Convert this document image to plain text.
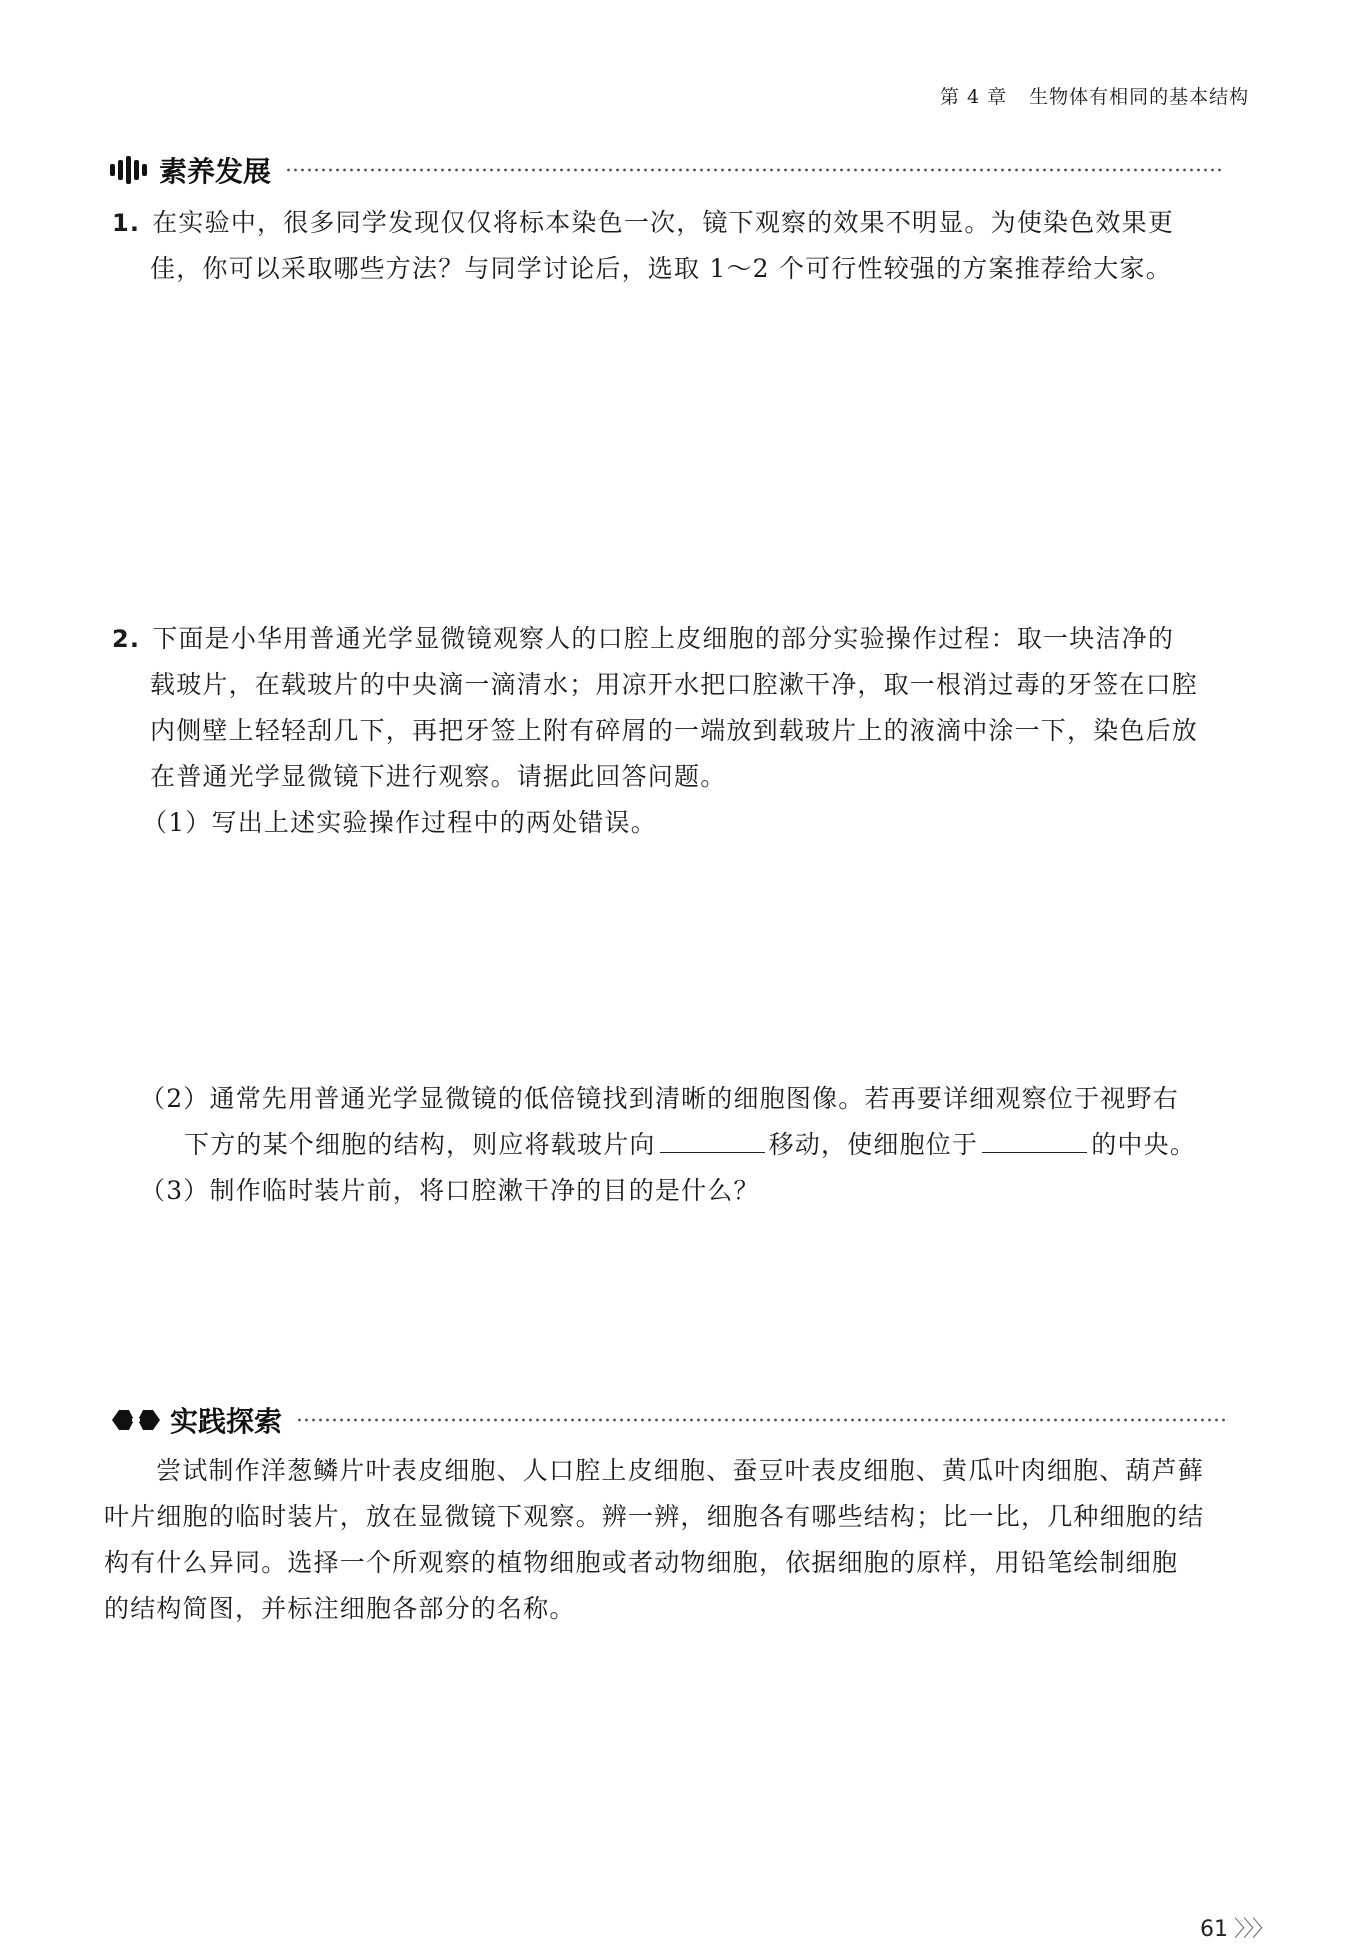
第 4 章 生物体有相同的基本结构
素养发展
1. 在实验中，很多同学发现仅仅将标本染色一次，镜下观察的效果不明显。为使染色效果更
佳，你可以采取哪些方法？与同学讨论后，选取 1～2 个可行性较强的方案推荐给大家。
2. 下面是小华用普通光学显微镜观察人的口腔上皮细胞的部分实验操作过程：取一块洁净的
载玻片，在载玻片的中央滴一滴清水；用凉开水把口腔漱干净，取一根消过毒的牙签在口腔
内侧壁上轻轻刮几下，再把牙签上附有碎屑的一端放到载玻片上的液滴中涂一下，染色后放
在普通光学显微镜下进行观察。请据此回答问题。
（1）写出上述实验操作过程中的两处错误。
（2）通常先用普通光学显微镜的低倍镜找到清晰的细胞图像。若再要详细观察位于视野右
下方的某个细胞的结构，则应将载玻片向	移动，使细胞位于	的中央。
（3）制作临时装片前，将口腔漱干净的目的是什么？
实践探索
尝试制作洋葱鳞片叶表皮细胞、人口腔上皮细胞、蚕豆叶表皮细胞、黄瓜叶肉细胞、葫芦藓
叶片细胞的临时装片，放在显微镜下观察。辨一辨，细胞各有哪些结构；比一比，几种细胞的结
构有什么异同。选择一个所观察的植物细胞或者动物细胞，依据细胞的原样，用铅笔绘制细胞
的结构简图，并标注细胞各部分的名称。
61 〉〉〉
